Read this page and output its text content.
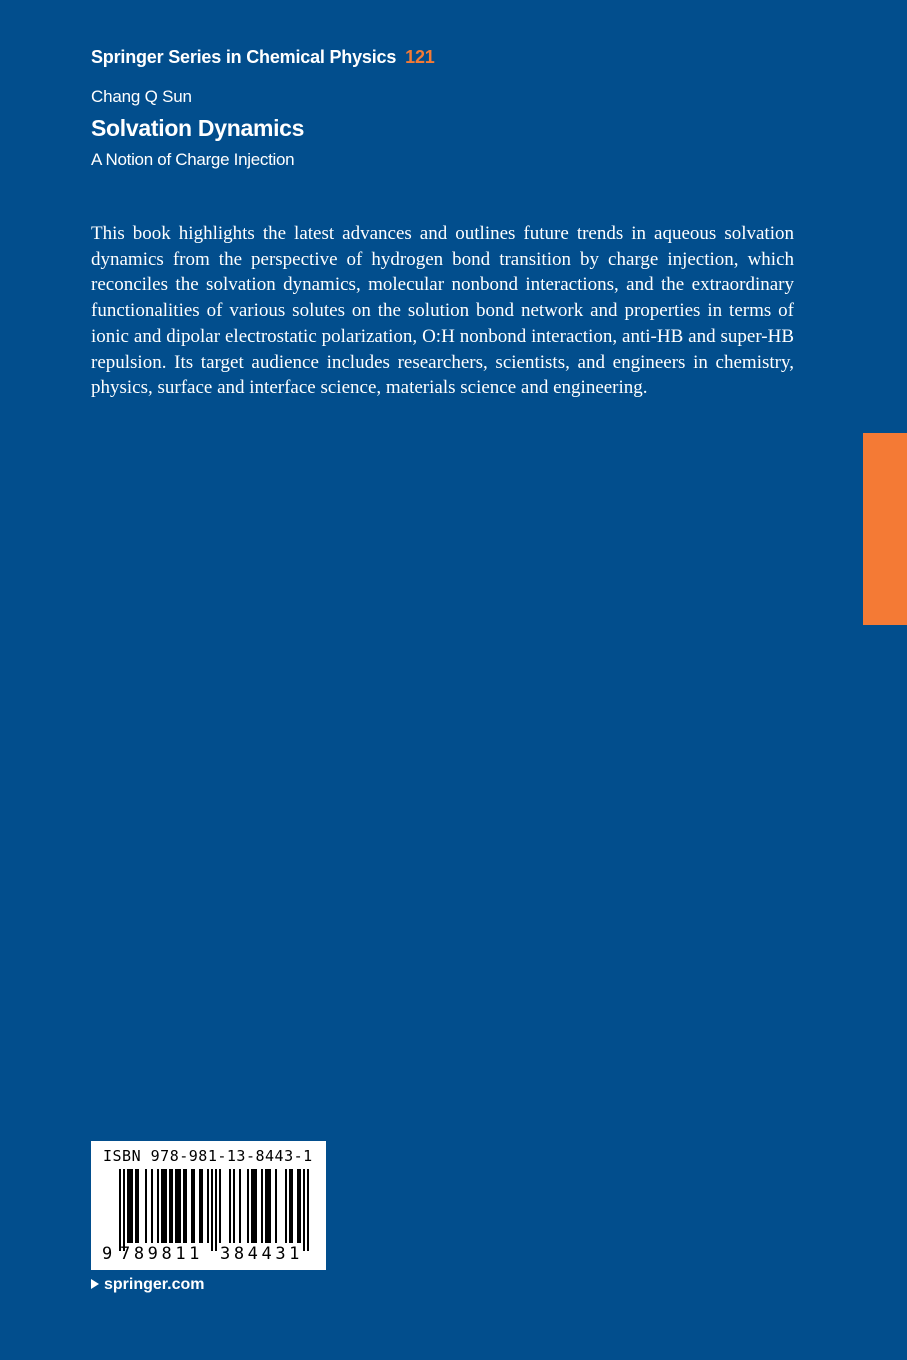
Springer Series in Chemical Physics 121
Chang Q Sun
Solvation Dynamics
A Notion of Charge Injection
This book highlights the latest advances and outlines future trends in aqueous solvation dynamics from the perspective of hydrogen bond transition by charge injection, which reconciles the solvation dynamics, molecular nonbond interactions, and the extraordinary functionalities of various solutes on the solution bond network and properties in terms of ionic and dipolar electrostatic polarization, O:H nonbond interaction, anti-HB and super-HB repulsion. Its target audience includes researchers, scientists, and engineers in chemistry, physics, surface and interface science, materials science and engineering.
ISBN 978-981-13-8443-1
9 789811 384431
springer.com
